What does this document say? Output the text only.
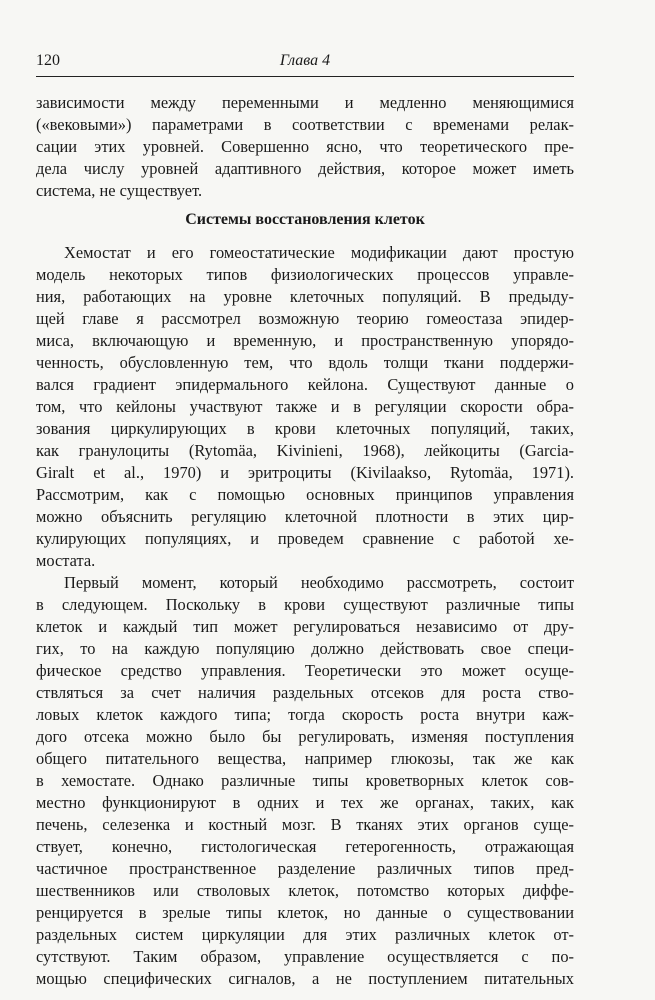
120	Глава 4
зависимости между переменными и медленно меняющимися
(«вековыми») параметрами в соответствии с временами релак-
сации этих уровней. Совершенно ясно, что теоретического пре-
дела числу уровней адаптивного действия, которое может иметь
система, не существует.
Системы восстановления клеток
Хемостат и его гомеостатические модификации дают простую
модель некоторых типов физиологических процессов управле-
ния, работающих на уровне клеточных популяций. В предыду-
щей главе я рассмотрел возможную теорию гомеостаза эпидер-
миса, включающую и временную, и пространственную упорядо-
ченность, обусловленную тем, что вдоль толщи ткани поддержи-
вался градиент эпидермального кейлона. Существуют данные о
том, что кейлоны участвуют также и в регуляции скорости обра-
зования циркулирующих в крови клеточных популяций, таких,
как гранулоциты (Rytomäa, Kivinieni, 1968), лейкоциты (Garcia-
Giralt et al., 1970) и эритроциты (Kivilaakso, Rytomäa, 1971).
Рассмотрим, как с помощью основных принципов управления
можно объяснить регуляцию клеточной плотности в этих цир-
кулирующих популяциях, и проведем сравнение с работой хе-
мостата.
Первый момент, который необходимо рассмотреть, состоит
в следующем. Поскольку в крови существуют различные типы
клеток и каждый тип может регулироваться независимо от дру-
гих, то на каждую популяцию должно действовать свое специ-
фическое средство управления. Теоретически это может осуще-
ствляться за счет наличия раздельных отсеков для роста ство-
ловых клеток каждого типа; тогда скорость роста внутри каж-
дого отсека можно было бы регулировать, изменяя поступления
общего питательного вещества, например глюкозы, так же как
в хемостате. Однако различные типы кроветворных клеток сов-
местно функционируют в одних и тех же органах, таких, как
печень, селезенка и костный мозг. В тканях этих органов суще-
ствует, конечно, гистологическая гетерогенность, отражающая
частичное пространственное разделение различных типов пред-
шественников или стволовых клеток, потомство которых диффе-
ренцируется в зрелые типы клеток, но данные о существовании
раздельных систем циркуляции для этих различных клеток от-
сутствуют. Таким образом, управление осуществляется с по-
мощью специфических сигналов, а не поступлением питательных
